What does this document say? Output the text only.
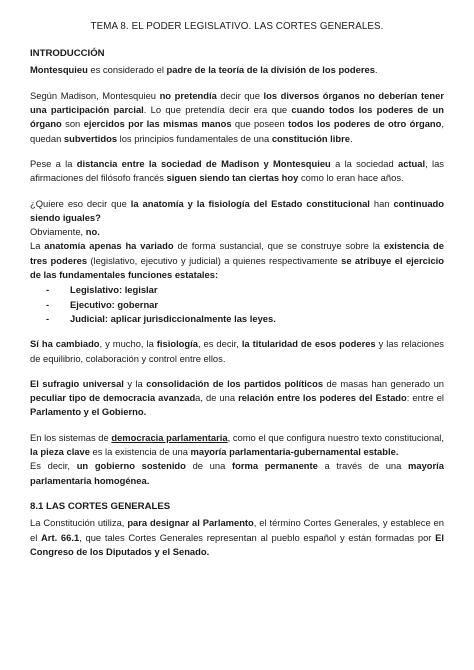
TEMA 8. EL PODER LEGISLATIVO. LAS CORTES GENERALES.
INTRODUCCIÓN

Montesquieu es considerado el padre de la teoría de la división de los poderes.

Según Madison, Montesquieu no pretendía decir que los diversos órganos no deberían tener una participación parcial. Lo que pretendía decir era que cuando todos los poderes de un órgano son ejercidos por las mismas manos que poseen todos los poderes de otro órgano, quedan subvertidos los principios fundamentales de una constitución libre.

Pese a la distancia entre la sociedad de Madison y Montesquieu a la sociedad actual, las afirmaciones del filósofo francés siguen siendo tan ciertas hoy como lo eran hace años.

¿Quiere eso decir que la anatomía y la fisiología del Estado constitucional han continuado siendo iguales?

Obviamente, no.

La anatomía apenas ha variado de forma sustancial, que se construye sobre la existencia de tres poderes (legislativo, ejecutivo y judicial) a quienes respectivamente se atribuye el ejercicio de las fundamentales funciones estatales:

- Legislativo: legislar
- Ejecutivo: gobernar
- Judicial: aplicar jurisdiccionalmente las leyes.

Sí ha cambiado, y mucho, la fisiología, es decir, la titularidad de esos poderes y las relaciones de equilibrio, colaboración y control entre ellos.

El sufragio universal y la consolidación de los partidos políticos de masas han generado un peculiar tipo de democracia avanzada, de una relación entre los poderes del Estado: entre el Parlamento y el Gobierno.

En los sistemas de democracia parlamentaria, como el que configura nuestro texto constitucional, la pieza clave es la existencia de una mayoría parlamentaria-gubernamental estable.

Es decir, un gobierno sostenido de una forma permanente a través de una mayoría parlamentaria homogénea.

8.1 LAS CORTES GENERALES

La Constitución utiliza, para designar al Parlamento, el término Cortes Generales, y establece en el Art. 66.1, que tales Cortes Generales representan al pueblo español y están formadas por El Congreso de los Diputados y el Senado.
